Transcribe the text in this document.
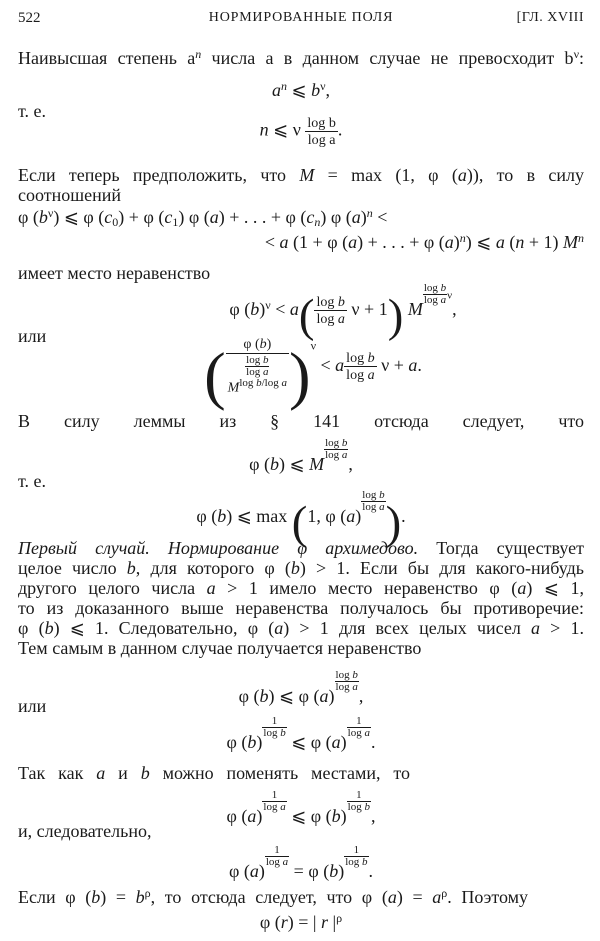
522	НОРМИРОВАННЫЕ ПОЛЯ	[ГЛ. XVIII
Наивысшая степень $a^n$ числа a в данном случае не превосходит $b^\nu$:
$a^n$ ⩽ $b^\nu$,
т. е.
n ⩽ ν $\frac{\text{log b}}{\text{log a}}$ .
Если теперь предположить, что M = max (1, φ (a)), то в силу
соотношений
φ $(b^\nu)$ ⩽ φ $(c_0) + \varphi$ $(c_1)$ φ (a) + . . . + φ $(c_n)$ φ $(a)^n$ <
< a (1 + φ (a) + . . . + φ $(a)^n$) ⩽ a (n + 1) $M^n$
имеет место неравенство
φ $(b)^\nu < a( \frac{\text{log b}}{\text{log a}}$ ν + 1) M
$\frac{\text{log b}}{\text{log a}} \nu$,
или
(	φ (b)
$\frac{\text{log b}}{\text{log a}}$

$M^{log b/log a}$ )$^\nu$ < a $\frac{\text{log b}}{\text{log a}}$ ν + a.
В силу леммы из § 141 отсюда следует, что
φ (b) ⩽ M
$\frac{\text{log b}}{\text{log a}}$
,
т. е.
φ (b) ⩽ max (1, φ (a)
$\frac{\text{log b}}{\text{log a}}$ ).
Первый случай. Нормирование φ архимедово. Тогда существует
целое число b, для которого φ (b) > 1. Если бы для какого-нибудь
другого целого числа a > 1 имело место неравенство φ (a) ⩽ 1,
то из доказанного выше неравенства получалось бы противоречие:
φ (b) ⩽ 1. Следовательно, φ (a) > 1 для всех целых чисел a > 1.
Тем самым в данном случае получается неравенство
φ (b) ⩽ φ (a)
$\frac{\text{log b}}{\text{log a}}$
,
или
φ (b)
$\frac{1}{\text{log b}}$
⩽ φ (a)
$\frac{1}{\text{log a}}$
.
Так как a и b можно поменять местами, то
φ (a)
$\frac{1}{\text{log a}}$
⩽ φ (b)
$\frac{1}{\text{log b}}$
,
и, следовательно,
φ (a)
$\frac{1}{\text{log a}}$
= φ (b)
$\frac{1}{\text{log b}}$
.
Если φ $(b) = b^\rho$, то отсюда следует, что φ $(a) = a^\rho$. Поэтому
φ (r) = | r $|^\rho$
